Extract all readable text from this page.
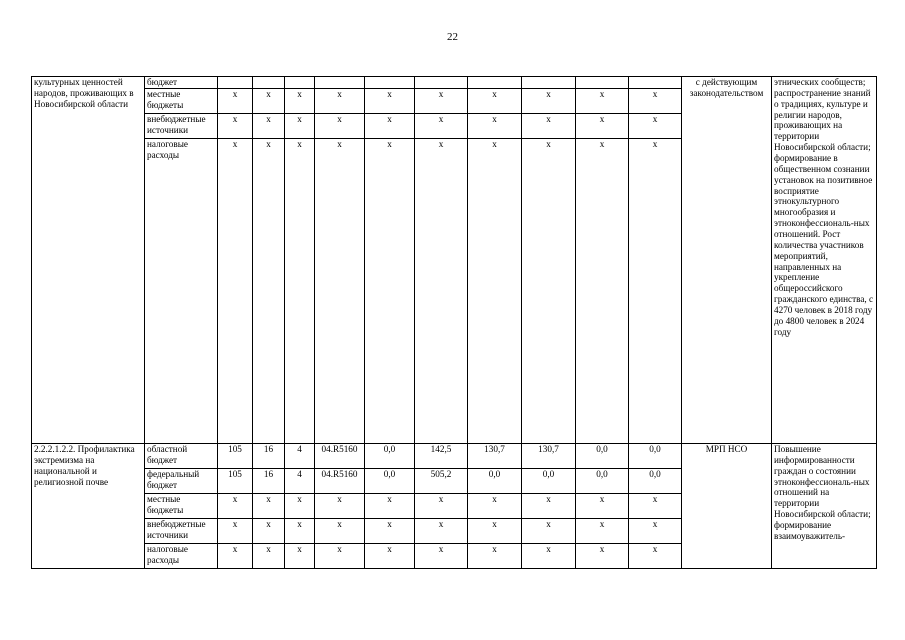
22
культурных ценностей народов, проживающих в Новосибирской области	бюджет											с действующим законодательством	этнических сообществ; распространение знаний о традициях, культуре и религии народов, проживающих на территории Новосибирской области; формирование в общественном сознании установок на позитивное восприятие этнокультурного многообразия и этноконфессиональ-ных отношений. Рост количества участников мероприятий, направленных на укрепление общероссийского гражданского единства, с 4270 человек в 2018 году до 4800 человек в 2024 году
	местные бюджеты	х	х	х	х	х	х	х	х	х	х		
	внебюджетные источники	х	х	х	х	х	х	х	х	х	х		
	налоговые расходы	х	х	х	х	х	х	х	х	х	х		
2.2.2.1.2.2. Профилактика экстремизма на национальной и религиозной почве	областной бюджет	105	16	4	04.R5160	0,0	142,5	130,7	130,7	0,0	0,0	МРП НСО	Повышение информированности граждан о состоянии этноконфессиональ-ных отношений на территории Новосибирской области; формирование взаимоуважитель-
	федеральный бюджет	105	16	4	04.R5160	0,0	505,2	0,0	0,0	0,0	0,0		
	местные бюджеты	х	х	х	х	х	х	х	х	х	х		
	внебюджетные источники	х	х	х	х	х	х	х	х	х	х		
	налоговые расходы	х	х	х	х	х	х	х	х	х	х		
